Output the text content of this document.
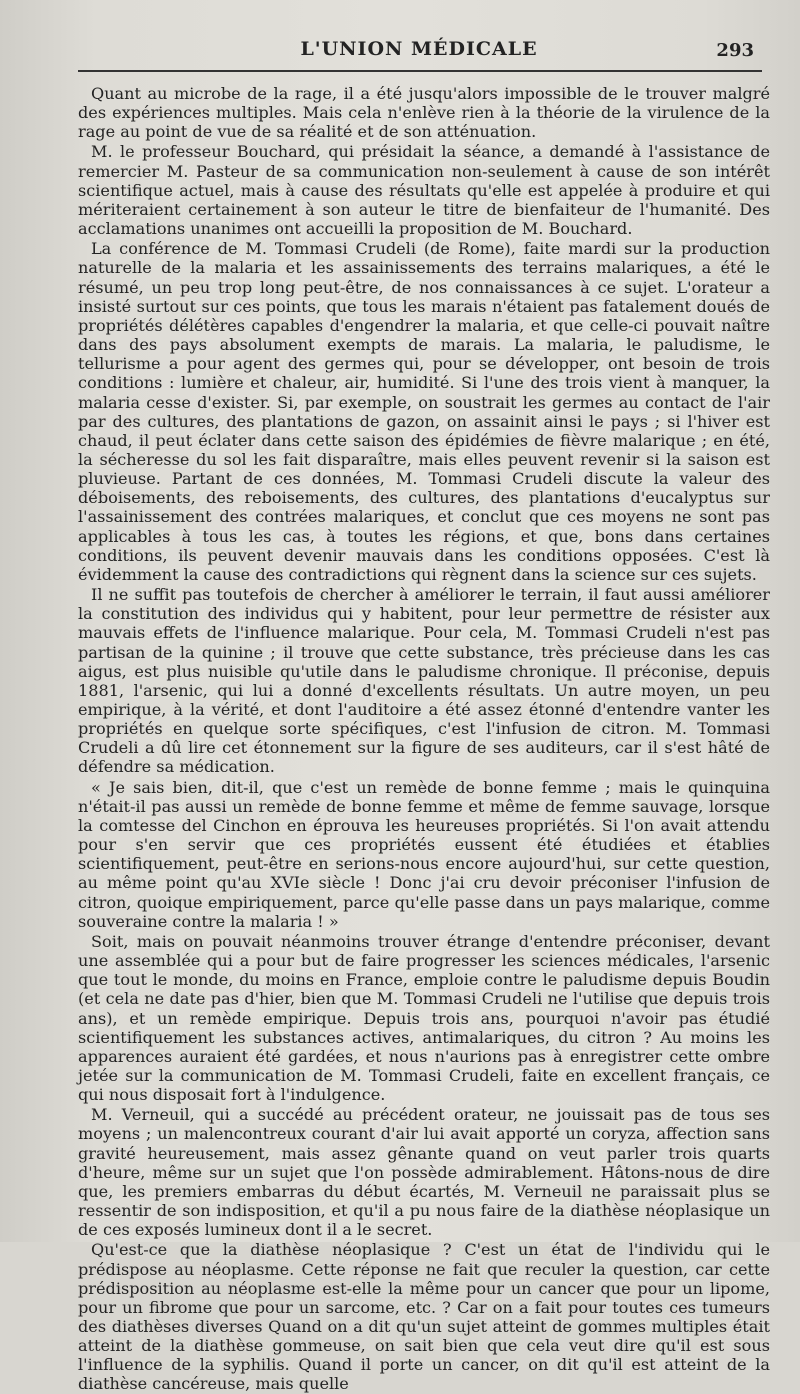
L'UNION MÉDICALE	293

Quant au microbe de la rage, il a été jusqu'alors impossible de le trouver malgré des expériences multiples. Mais cela n'enlève rien à la théorie de la virulence de la rage au point de vue de sa réalité et de son atténuation.

M. le professeur Bouchard, qui présidait la séance, a demandé à l'assistance de remercier M. Pasteur de sa communication non-seulement à cause de son intérêt scientifique actuel, mais à cause des résultats qu'elle est appelée à produire et qui mériteraient certainement à son auteur le titre de bienfaiteur de l'humanité. Des acclamations unanimes ont accueilli la proposition de M. Bouchard.

La conférence de M. Tommasi Crudeli (de Rome), faite mardi sur la production naturelle de la malaria et les assainissements des terrains malariques, a été le résumé, un peu trop long peut-être, de nos connaissances à ce sujet. L'orateur a insisté surtout sur ces points, que tous les marais n'étaient pas fatalement doués de propriétés délétères capables d'engendrer la malaria, et que celle-ci pouvait naître dans des pays absolument exempts de marais. La malaria, le paludisme, le tellurisme a pour agent des germes qui, pour se développer, ont besoin de trois conditions : lumière et chaleur, air, humidité. Si l'une des trois vient à manquer, la malaria cesse d'exister. Si, par exemple, on soustrait les germes au contact de l'air par des cultures, des plantations de gazon, on assainit ainsi le pays ; si l'hiver est chaud, il peut éclater dans cette saison des épidémies de fièvre malarique ; en été, la sécheresse du sol les fait disparaître, mais elles peuvent revenir si la saison est pluvieuse. Partant de ces données, M. Tommasi Crudeli discute la valeur des déboisements, des reboisements, des cultures, des plantations d'eucalyptus sur l'assainissement des contrées malariques, et conclut que ces moyens ne sont pas applicables à tous les cas, à toutes les régions, et que, bons dans certaines conditions, ils peuvent devenir mauvais dans les conditions opposées. C'est là évidemment la cause des contradictions qui règnent dans la science sur ces sujets.

Il ne suffit pas toutefois de chercher à améliorer le terrain, il faut aussi améliorer la constitution des individus qui y habitent, pour leur permettre de résister aux mauvais effets de l'influence malarique. Pour cela, M. Tommasi Crudeli n'est pas partisan de la quinine ; il trouve que cette substance, très précieuse dans les cas aigus, est plus nuisible qu'utile dans le paludisme chronique. Il préconise, depuis 1881, l'arsenic, qui lui a donné d'excellents résultats. Un autre moyen, un peu empirique, à la vérité, et dont l'auditoire a été assez étonné d'entendre vanter les propriétés en quelque sorte spécifiques, c'est l'infusion de citron. M. Tommasi Crudeli a dû lire cet étonnement sur la figure de ses auditeurs, car il s'est hâté de défendre sa médication.

« Je sais bien, dit-il, que c'est un remède de bonne femme ; mais le quinquina n'était-il pas aussi un remède de bonne femme et même de femme sauvage, lorsque la comtesse del Cinchon en éprouva les heureuses propriétés. Si l'on avait attendu pour s'en servir que ces propriétés eussent été étudiées et établies scientifiquement, peut-être en serions-nous encore aujourd'hui, sur cette question, au même point qu'au XVIe siècle ! Donc j'ai cru devoir préconiser l'infusion de citron, quoique empiriquement, parce qu'elle passe dans un pays malarique, comme souveraine contre la malaria ! »

Soit, mais on pouvait néanmoins trouver étrange d'entendre préconiser, devant une assemblée qui a pour but de faire progresser les sciences médicales, l'arsenic que tout le monde, du moins en France, emploie contre le paludisme depuis Boudin (et cela ne date pas d'hier, bien que M. Tommasi Crudeli ne l'utilise que depuis trois ans), et un remède empirique. Depuis trois ans, pourquoi n'avoir pas étudié scientifiquement les substances actives, antimalariques, du citron ? Au moins les apparences auraient été gardées, et nous n'aurions pas à enregistrer cette ombre jetée sur la communication de M. Tommasi Crudeli, faite en excellent français, ce qui nous disposait fort à l'indulgence.

M. Verneuil, qui a succédé au précédent orateur, ne jouissait pas de tous ses moyens ; un malencontreux courant d'air lui avait apporté un coryza, affection sans gravité heureusement, mais assez gênante quand on veut parler trois quarts d'heure, même sur un sujet que l'on possède admirablement. Hâtons-nous de dire que, les premiers embarras du début écartés, M. Verneuil ne paraissait plus se ressentir de son indisposition, et qu'il a pu nous faire de la diathèse néoplasique un de ces exposés lumineux dont il a le secret.

Qu'est-ce que la diathèse néoplasique ? C'est un état de l'individu qui le prédispose au néoplasme. Cette réponse ne fait que reculer la question, car cette prédisposition au néoplasme est-elle la même pour un cancer que pour un lipome, pour un fibrome que pour un sarcome, etc. ? Car on a fait pour toutes ces tumeurs des diathèses diverses Quand on a dit qu'un sujet atteint de gommes multiples était atteint de la diathèse gommeuse, on sait bien que cela veut dire qu'il est sous l'influence de la syphilis. Quand il porte un cancer, on dit qu'il est atteint de la diathèse cancéreuse, mais quelle
